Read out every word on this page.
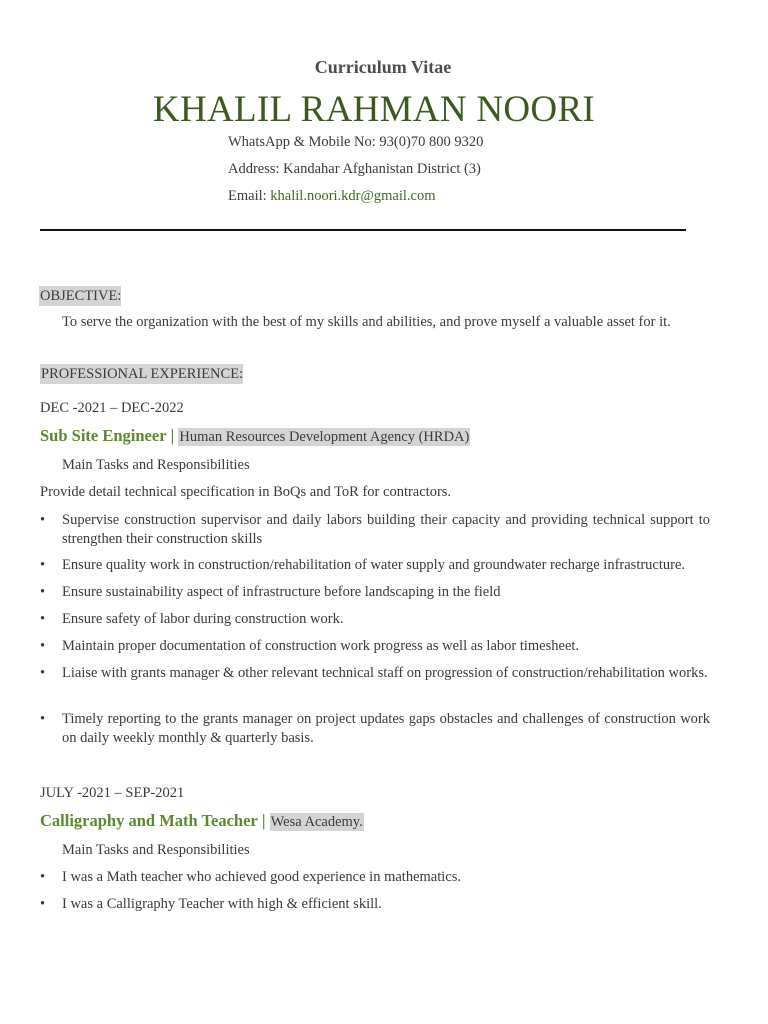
Curriculum Vitae
KHALIL RAHMAN NOORI
WhatsApp & Mobile No: 93(0)70 800 9320
Address: Kandahar Afghanistan District (3)
Email: khalil.noori.kdr@gmail.com
OBJECTIVE:
To serve the organization with the best of my skills and abilities, and prove myself a valuable asset for it.
PROFESSIONAL EXPERIENCE:
DEC -2021 – DEC-2022
Sub Site Engineer | Human Resources Development Agency (HRDA)
Main Tasks and Responsibilities
Provide detail technical specification in BoQs and ToR for contractors.
•	Supervise construction supervisor and daily labors building their capacity and providing technical support to strengthen their construction skills
•	Ensure quality work in construction/rehabilitation of water supply and groundwater recharge infrastructure.
•	Ensure sustainability aspect of infrastructure before landscaping in the field
•	Ensure safety of labor during construction work.
•	Maintain proper documentation of construction work progress as well as labor timesheet.
•	Liaise with grants manager & other relevant technical staff on progression of construction/rehabilitation works.
•	Timely reporting to the grants manager on project updates gaps obstacles and challenges of construction work on daily weekly monthly & quarterly basis.
JULY -2021 – SEP-2021
Calligraphy and Math Teacher | Wesa Academy.
Main Tasks and Responsibilities
•	I was a Math teacher who achieved good experience in mathematics.
•	I was a Calligraphy Teacher with high & efficient skill.
